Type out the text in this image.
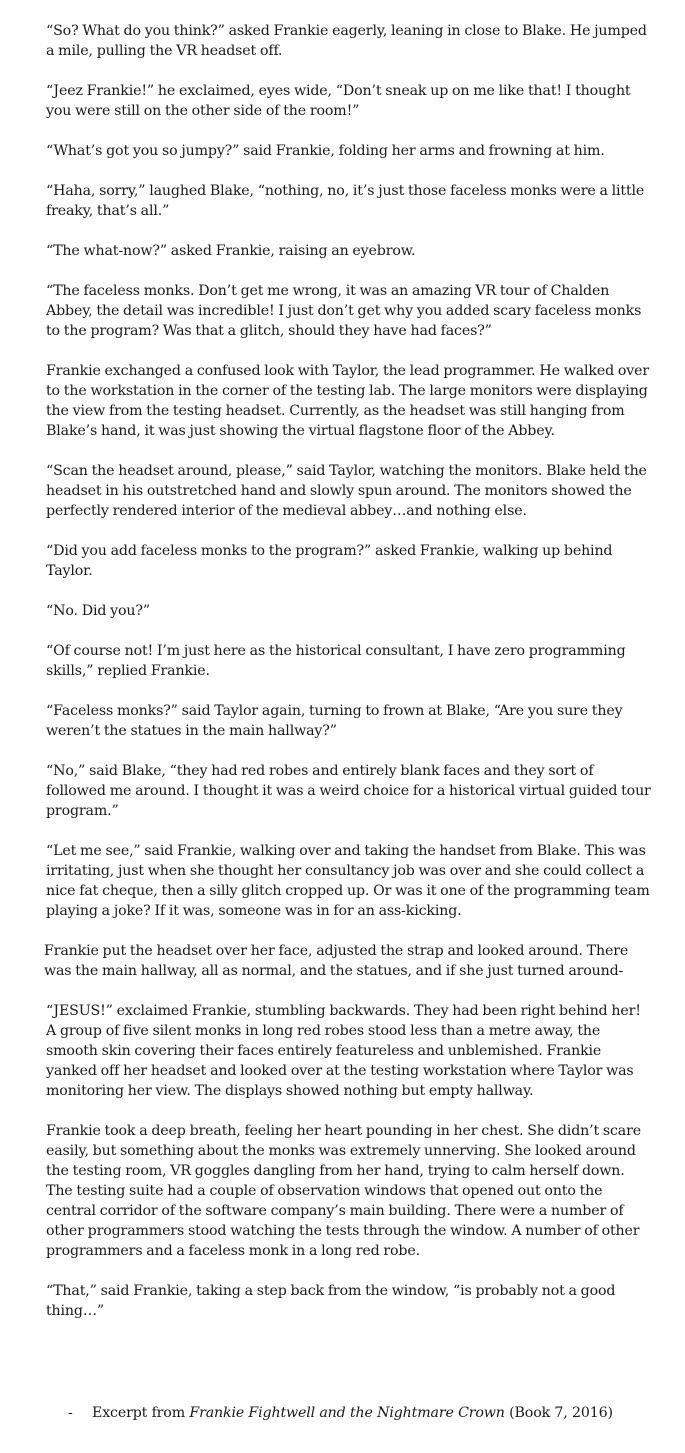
“So? What do you think?” asked Frankie eagerly, leaning in close to Blake. He jumped a mile, pulling the VR headset off.

“Jeez Frankie!” he exclaimed, eyes wide, “Don’t sneak up on me like that! I thought you were still on the other side of the room!”

“What’s got you so jumpy?” said Frankie, folding her arms and frowning at him.

“Haha, sorry,” laughed Blake, “nothing, no, it’s just those faceless monks were a little freaky, that’s all.”

“The what-now?” asked Frankie, raising an eyebrow.

“The faceless monks. Don’t get me wrong, it was an amazing VR tour of Chalden Abbey, the detail was incredible! I just don’t get why you added scary faceless monks to the program? Was that a glitch, should they have had faces?”

Frankie exchanged a confused look with Taylor, the lead programmer. He walked over to the workstation in the corner of the testing lab. The large monitors were displaying the view from the testing headset. Currently, as the headset was still hanging from Blake’s hand, it was just showing the virtual flagstone floor of the Abbey.

“Scan the headset around, please,” said Taylor, watching the monitors. Blake held the headset in his outstretched hand and slowly spun around. The monitors showed the perfectly rendered interior of the medieval abbey…and nothing else.

“Did you add faceless monks to the program?” asked Frankie, walking up behind Taylor.

“No. Did you?”

“Of course not! I’m just here as the historical consultant, I have zero programming skills,” replied Frankie.

“Faceless monks?” said Taylor again, turning to frown at Blake, “Are you sure they weren’t the statues in the main hallway?”

“No,” said Blake, “they had red robes and entirely blank faces and they sort of followed me around. I thought it was a weird choice for a historical virtual guided tour program.”

“Let me see,” said Frankie, walking over and taking the handset from Blake. This was irritating, just when she thought her consultancy job was over and she could collect a nice fat cheque, then a silly glitch cropped up. Or was it one of the programming team playing a joke? If it was, someone was in for an ass-kicking.

Frankie put the headset over her face, adjusted the strap and looked around. There was the main hallway, all as normal, and the statues, and if she just turned around-

“JESUS!” exclaimed Frankie, stumbling backwards. They had been right behind her! A group of five silent monks in long red robes stood less than a metre away, the smooth skin covering their faces entirely featureless and unblemished. Frankie yanked off her headset and looked over at the testing workstation where Taylor was monitoring her view. The displays showed nothing but empty hallway.

Frankie took a deep breath, feeling her heart pounding in her chest. She didn’t scare easily, but something about the monks was extremely unnerving. She looked around the testing room, VR goggles dangling from her hand, trying to calm herself down. The testing suite had a couple of observation windows that opened out onto the central corridor of the software company’s main building. There were a number of other programmers stood watching the tests through the window. A number of other programmers and a faceless monk in a long red robe.

“That,” said Frankie, taking a step back from the window, “is probably not a good thing…”

- Excerpt from Frankie Fightwell and the Nightmare Crown (Book 7, 2016)
